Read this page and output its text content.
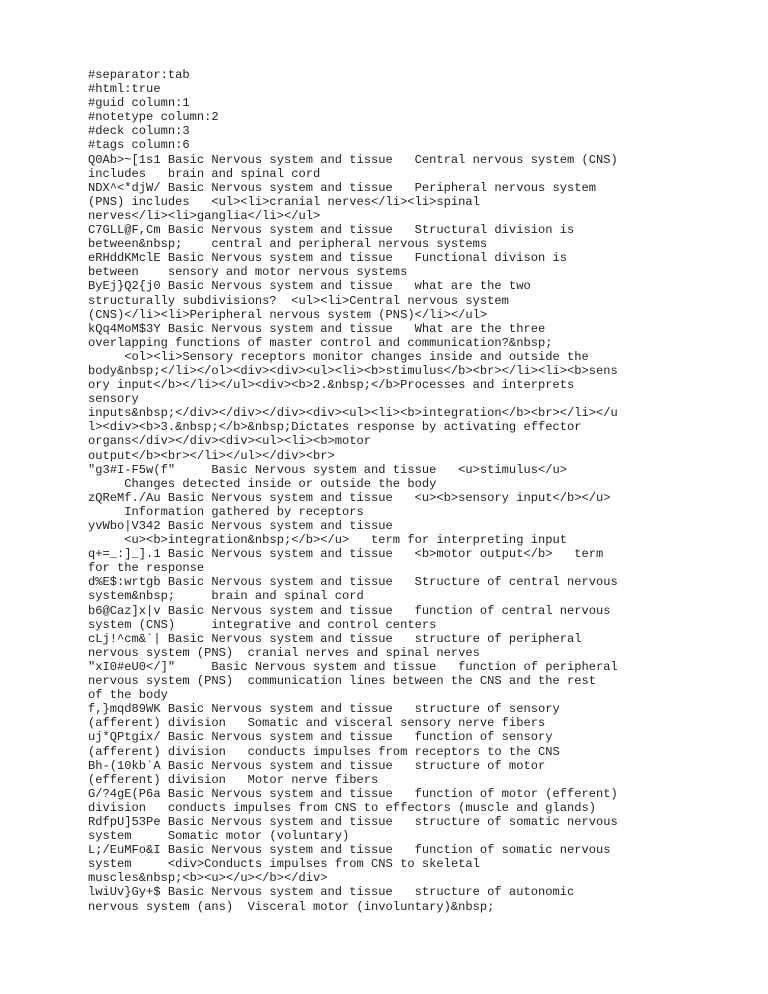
#separator:tab
#html:true
#guid column:1
#notetype column:2
#deck column:3
#tags column:6
Q0Ab>~[1s1 Basic Nervous system and tissue   Central nervous system (CNS)
includes   brain and spinal cord
NDX^<*djW/ Basic Nervous system and tissue   Peripheral nervous system
(PNS) includes   <ul><li>cranial nerves</li><li>spinal
nerves</li><li>ganglia</li></ul>
C7GLL@F,Cm Basic Nervous system and tissue   Structural division is
between&nbsp;    central and peripheral nervous systems
eRHddKMclE Basic Nervous system and tissue   Functional divison is
between    sensory and motor nervous systems
ByEj}Q2{j0 Basic Nervous system and tissue   what are the two
structurally subdivisions?  <ul><li>Central nervous system
(CNS)</li><li>Peripheral nervous system (PNS)</li></ul>
kQq4MoM$3Y Basic Nervous system and tissue   What are the three
overlapping functions of master control and communication?&nbsp;
<ol><li>Sensory receptors monitor changes inside and outside the
body&nbsp;</li></ol><div><div><ul><li><b>stimulus</b><br></li><li><b>sens
ory input</b></li></ul><div><b>2.&nbsp;</b>Processes and interprets
sensory
inputs&nbsp;</div></div></div><div><ul><li><b>integration</b><br></li></u
l><div><b>3.&nbsp;</b>&nbsp;Dictates response by activating effector
organs</div></div><div><ul><li><b>motor
output</b><br></li></ul></div><br>
"g3#I-F5w(f"     Basic Nervous system and tissue   <u>stimulus</u>
Changes detected inside or outside the body
zQReMf./Au Basic Nervous system and tissue   <u><b>sensory input</b></u>
Information gathered by receptors
yvWbo|V342 Basic Nervous system and tissue
<u><b>integration&nbsp;</b></u>   term for interpreting input
q+=_:]_].1 Basic Nervous system and tissue   <b>motor output</b>   term
for the response
d%E$:wrtgb Basic Nervous system and tissue   Structure of central nervous
system&nbsp;     brain and spinal cord
b6@Caz]x|v Basic Nervous system and tissue   function of central nervous
system (CNS)     integrative and control centers
cLj!^cm&`| Basic Nervous system and tissue   structure of peripheral
nervous system (PNS)  cranial nerves and spinal nerves
"xI0#eU0</]"     Basic Nervous system and tissue   function of peripheral
nervous system (PNS)  communication lines between the CNS and the rest
of the body
f,}mqd89WK Basic Nervous system and tissue   structure of sensory
(afferent) division   Somatic and visceral sensory nerve fibers
uj*QPtgix/ Basic Nervous system and tissue   function of sensory
(afferent) division   conducts impulses from receptors to the CNS
Bh-(10kb`A Basic Nervous system and tissue   structure of motor
(efferent) division   Motor nerve fibers
G/?4gE(P6a Basic Nervous system and tissue   function of motor (efferent)
division   conducts impulses from CNS to effectors (muscle and glands)
RdfpU]53Pe Basic Nervous system and tissue   structure of somatic nervous
system     Somatic motor (voluntary)
L;/EuMFo&I Basic Nervous system and tissue   function of somatic nervous
system     <div>Conducts impulses from CNS to skeletal
muscles&nbsp;<b><u></u></b></div>
lwiUv}Gy+$ Basic Nervous system and tissue   structure of autonomic
nervous system (ans)  Visceral motor (involuntary)&nbsp;
